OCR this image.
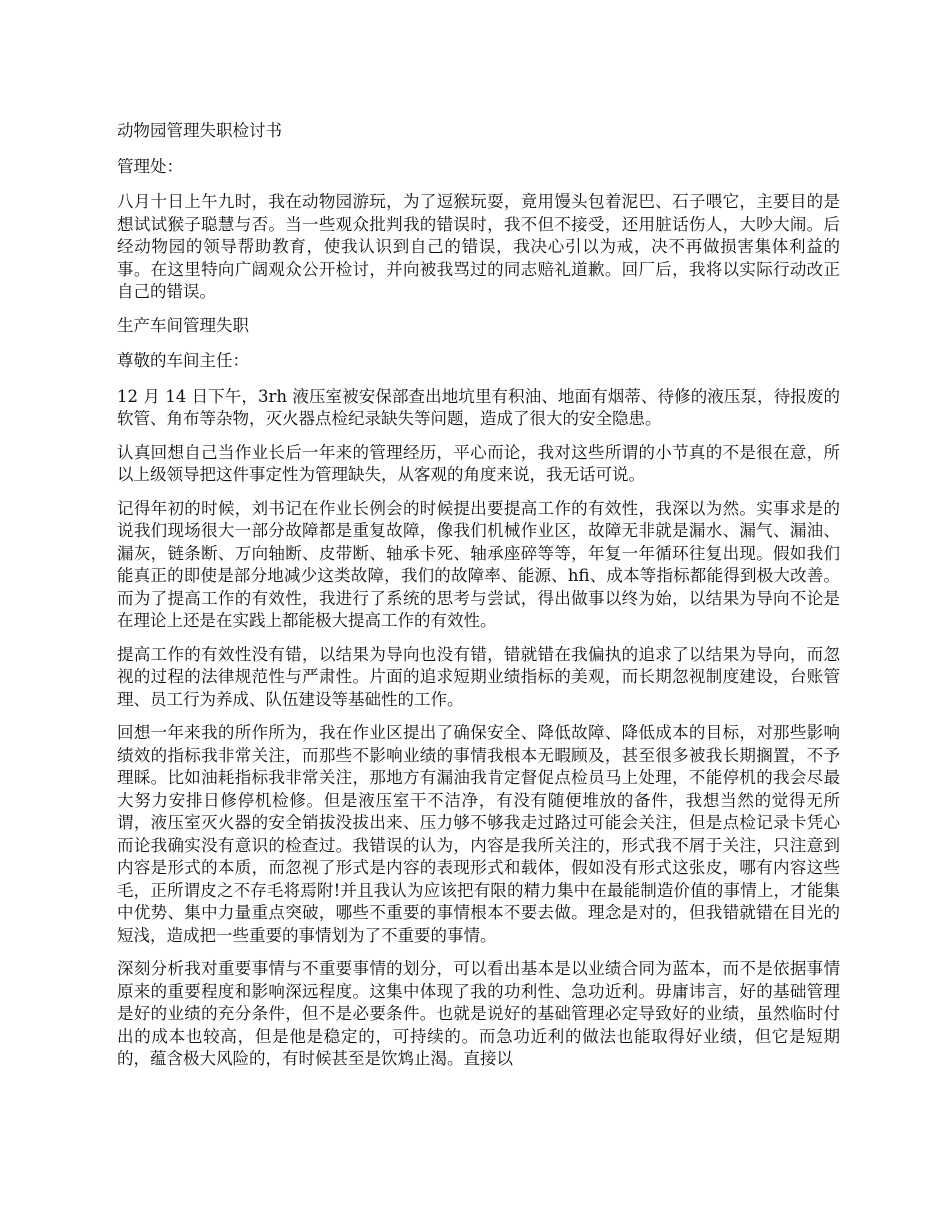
动物园管理失职检讨书

管理处：

八月十日上午九时，我在动物园游玩，为了逗猴玩耍，竟用馒头包着泥巴、石子喂它，主要目的是想试试猴子聪慧与否。当一些观众批判我的错误时，我不但不接受，还用脏话伤人，大吵大闹。后经动物园的领导帮助教育，使我认识到自己的错误，我决心引以为戒，决不再做损害集体利益的事。在这里特向广阔观众公开检讨，并向被我骂过的同志赔礼道歉。回厂后，我将以实际行动改正自己的错误。

生产车间管理失职

尊敬的车间主任：

12 月 14 日下午，3rh 液压室被安保部查出地坑里有积油、地面有烟蒂、待修的液压泵，待报废的软管、角布等杂物，灭火器点检纪录缺失等问题，造成了很大的安全隐患。

认真回想自己当作业长后一年来的管理经历，平心而论，我对这些所谓的小节真的不是很在意，所以上级领导把这件事定性为管理缺失，从客观的角度来说，我无话可说。

记得年初的时候，刘书记在作业长例会的时候提出要提高工作的有效性，我深以为然。实事求是的说我们现场很大一部分故障都是重复故障，像我们机械作业区，故障无非就是漏水、漏气、漏油、漏灰，链条断、万向轴断、皮带断、轴承卡死、轴承座碎等等，年复一年循环往复出现。假如我们能真正的即使是部分地减少这类故障，我们的故障率、能源、hfi、成本等指标都能得到极大改善。而为了提高工作的有效性，我进行了系统的思考与尝试，得出做事以终为始，以结果为导向不论是在理论上还是在实践上都能极大提高工作的有效性。

提高工作的有效性没有错，以结果为导向也没有错，错就错在我偏执的追求了以结果为导向，而忽视的过程的法律规范性与严肃性。片面的追求短期业绩指标的美观，而长期忽视制度建设，台账管理、员工行为养成、队伍建设等基础性的工作。

回想一年来我的所作所为，我在作业区提出了确保安全、降低故障、降低成本的目标，对那些影响绩效的指标我非常关注，而那些不影响业绩的事情我根本无暇顾及，甚至很多被我长期搁置，不予理睬。比如油耗指标我非常关注，那地方有漏油我肯定督促点检员马上处理，不能停机的我会尽最大努力安排日修停机检修。但是液压室干不洁净，有没有随便堆放的备件，我想当然的觉得无所谓，液压室灭火器的安全销拔没拔出来、压力够不够我走过路过可能会关注，但是点检记录卡凭心而论我确实没有意识的检查过。我错误的认为，内容是我所关注的，形式我不屑于关注，只注意到内容是形式的本质，而忽视了形式是内容的表现形式和载体，假如没有形式这张皮，哪有内容这些毛，正所谓皮之不存毛将焉附!并且我认为应该把有限的精力集中在最能制造价值的事情上，才能集中优势、集中力量重点突破，哪些不重要的事情根本不要去做。理念是对的，但我错就错在目光的短浅，造成把一些重要的事情划为了不重要的事情。

深刻分析我对重要事情与不重要事情的划分，可以看出基本是以业绩合同为蓝本，而不是依据事情原来的重要程度和影响深远程度。这集中体现了我的功利性、急功近利。毋庸讳言，好的基础管理是好的业绩的充分条件，但不是必要条件。也就是说好的基础管理必定导致好的业绩，虽然临时付出的成本也较高，但是他是稳定的，可持续的。而急功近利的做法也能取得好业绩，但它是短期的，蕴含极大风险的，有时候甚至是饮鸩止渴。直接以
